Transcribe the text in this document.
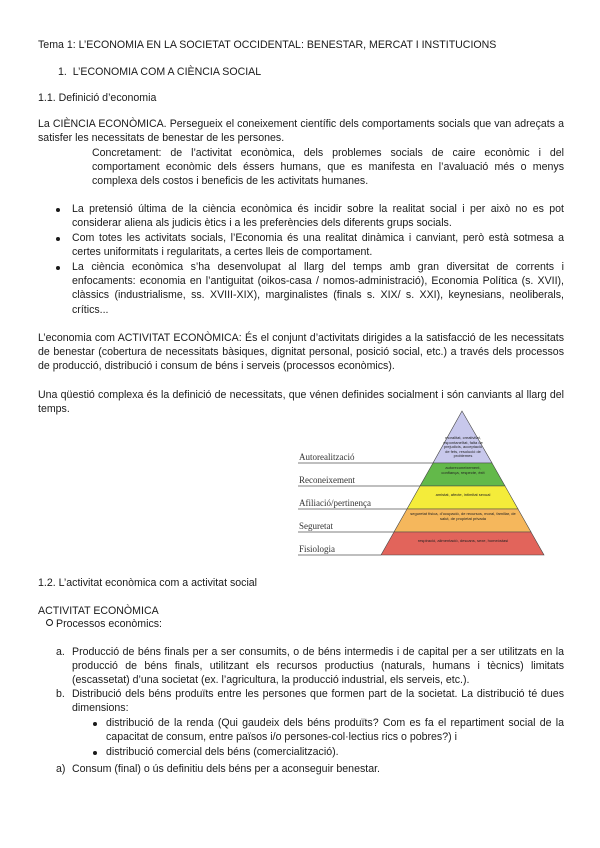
Tema 1: L’ECONOMIA EN LA SOCIETAT OCCIDENTAL: BENESTAR, MERCAT I INSTITUCIONS
1. L’ECONOMIA COM A CIÈNCIA SOCIAL
1.1. Definició d’economia
La CIÈNCIA ECONÒMICA. Persegueix el coneixement científic dels comportaments socials que van adreçats a satisfer les necessitats de benestar de les persones.
Concretament: de l’activitat econòmica, dels problemes socials de caire econòmic i del comportament econòmic dels éssers humans, que es manifesta en l’avaluació més o menys complexa dels costos i beneficis de les activitats humanes.
La pretensió última de la ciència econòmica és incidir sobre la realitat social i per això no es pot considerar aliena als judicis ètics i a les preferències dels diferents grups socials.
Com totes les activitats socials, l’Economia és una realitat dinàmica i canviant, però està sotmesa a certes uniformitats i regularitats, a certes lleis de comportament.
La ciència econòmica s’ha desenvolupat al llarg del temps amb gran diversitat de corrents i enfocaments: economia en l’antiguitat (oikos-casa / nomos-administració), Economia Política (s. XVII), clàssics (industrialisme, ss. XVIII-XIX), marginalistes (finals s. XIX/ s. XXI), keynesians, neoliberals, crítics...
L’economia com ACTIVITAT ECONÒMICA: És el conjunt d’activitats dirigides a la satisfacció de les necessitats de benestar (cobertura de necessitats bàsiques, dignitat personal, posició social, etc.) a través dels processos de producció, distribució i consum de béns i serveis (processos econòmics).
Una qüestió complexa és la definició de necessitats, que vénen definides socialment i són canviants al llarg del temps.
moralitat, creativitat, espontaneïtat, falta de prejudicis, acceptació de fets, resolució de problemes
autoreconeixement, confiança, respecte, èxit
amistat, afecte, intimitat sexual
seguretat física, d’ocupació, de recursos, moral, familiar, de salut, de propietat privada
respiració, alimentació, descans, sexe, homeòstasi
Autorealització
Reconeixement
Afiliació/pertinença
Seguretat
Fisiologia
1.2. L’activitat econòmica com a activitat social
ACTIVITAT ECONÒMICA
Processos econòmics:
a. Producció de béns finals per a ser consumits, o de béns intermedis i de capital per a ser utilitzats en la producció de béns finals, utilitzant els recursos productius (naturals, humans i tècnics) limitats (escassetat) d’una societat (ex. l’agricultura, la producció industrial, els serveis, etc.).
b. Distribució dels béns produïts entre les persones que formen part de la societat. La distribució té dues dimensions:
distribució de la renda (Qui gaudeix dels béns produïts? Com es fa el repartiment social de la capacitat de consum, entre països i/o persones-col·lectius rics o pobres?) i
distribució comercial dels béns (comercialització).
a) Consum (final) o ús definitiu dels béns per a aconseguir benestar.
